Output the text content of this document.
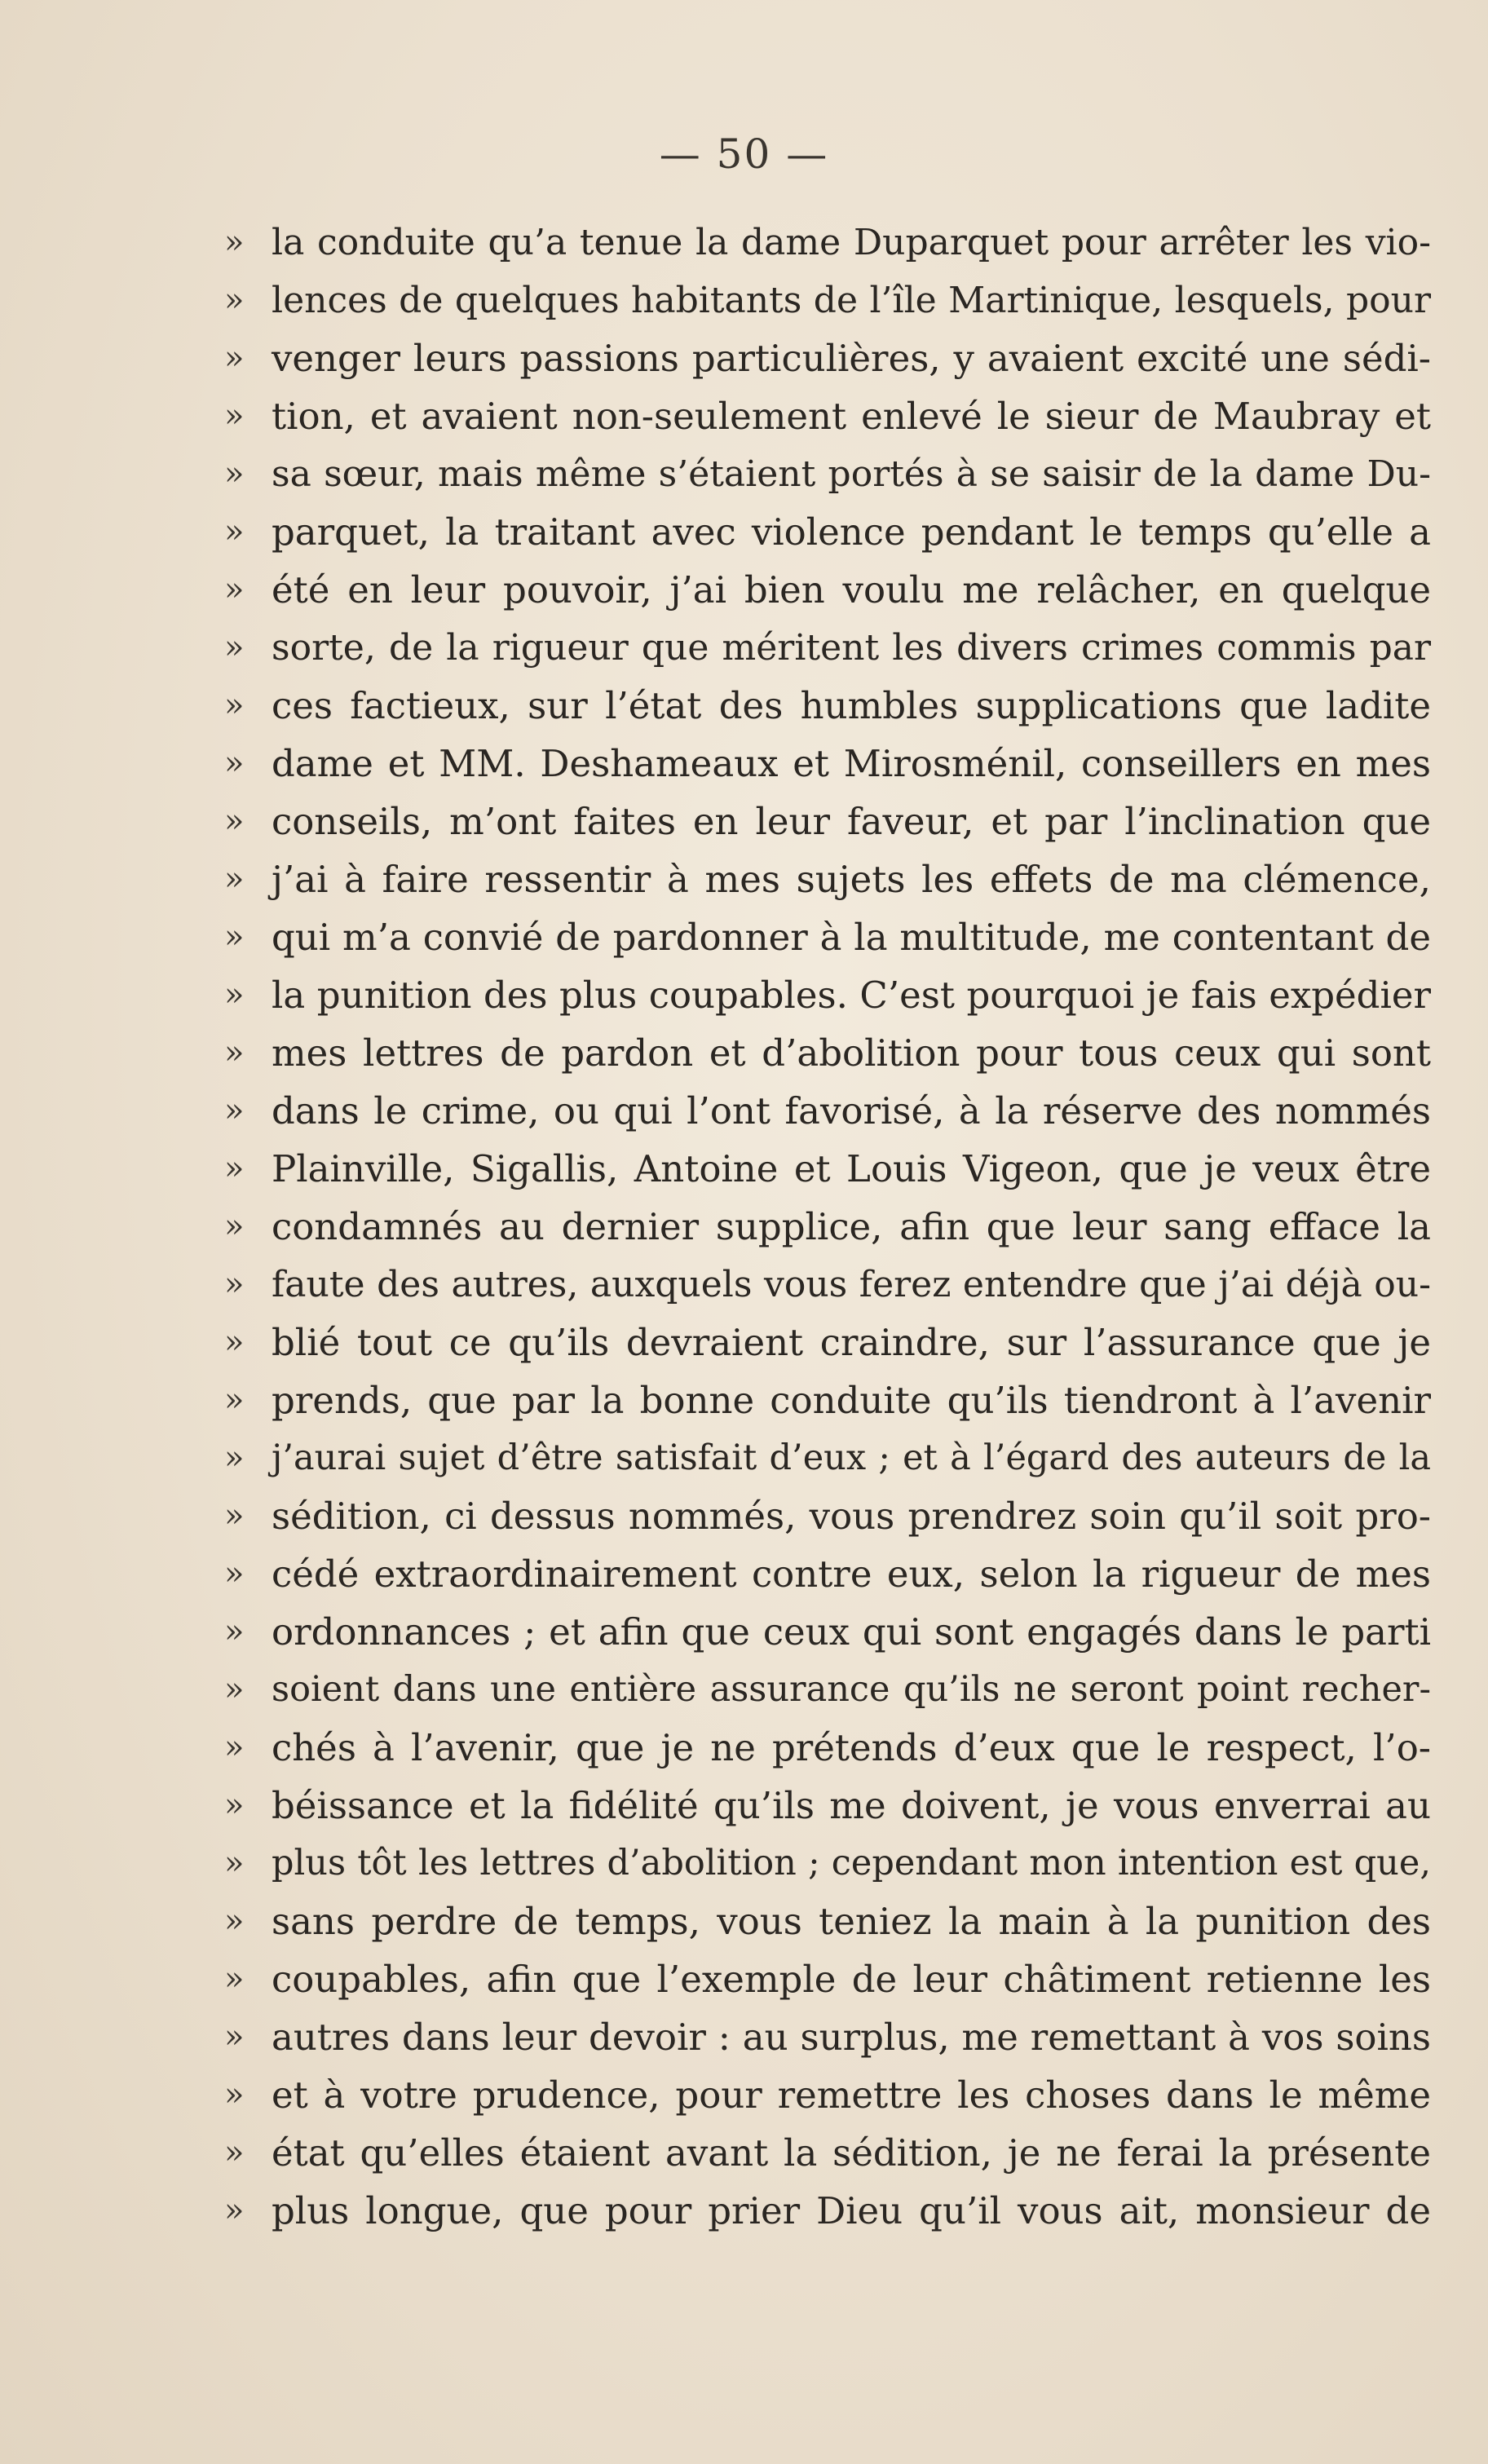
— 50 —
» la conduite qu’a tenue la dame Duparquet pour arrêter les vio-
» lences de quelques habitants de l’île Martinique, lesquels, pour
» venger leurs passions particulières, y avaient excité une sédi-
» tion, et avaient non-seulement enlevé le sieur de Maubray et
» sa sœur, mais même s’étaient portés à se saisir de la dame Du-
» parquet, la traitant avec violence pendant le temps qu’elle a
» été en leur pouvoir, j’ai bien voulu me relâcher, en quelque
» sorte, de la rigueur que méritent les divers crimes commis par
» ces factieux, sur l’état des humbles supplications que ladite
» dame et MM. Deshameaux et Mirosménil, conseillers en mes
» conseils, m’ont faites en leur faveur, et par l’inclination que
» j’ai à faire ressentir à mes sujets les effets de ma clémence,
» qui m’a convié de pardonner à la multitude, me contentant de
» la punition des plus coupables. C’est pourquoi je fais expédier
» mes lettres de pardon et d’abolition pour tous ceux qui sont
» dans le crime, ou qui l’ont favorisé, à la réserve des nommés
» Plainville, Sigallis, Antoine et Louis Vigeon, que je veux être
» condamnés au dernier supplice, afin que leur sang efface la
» faute des autres, auxquels vous ferez entendre que j’ai déjà ou-
» blié tout ce qu’ils devraient craindre, sur l’assurance que je
» prends, que par la bonne conduite qu’ils tiendront à l’avenir
» j’aurai sujet d’être satisfait d’eux ; et à l’égard des auteurs de la
» sédition, ci dessus nommés, vous prendrez soin qu’il soit pro-
» cédé extraordinairement contre eux, selon la rigueur de mes
» ordonnances ; et afin que ceux qui sont engagés dans le parti
» soient dans une entière assurance qu’ils ne seront point recher-
» chés à l’avenir, que je ne prétends d’eux que le respect, l’o-
» béissance et la fidélité qu’ils me doivent, je vous enverrai au
» plus tôt les lettres d’abolition ; cependant mon intention est que,
» sans perdre de temps, vous teniez la main à la punition des
» coupables, afin que l’exemple de leur châtiment retienne les
» autres dans leur devoir : au surplus, me remettant à vos soins
» et à votre prudence, pour remettre les choses dans le même
» état qu’elles étaient avant la sédition, je ne ferai la présente
» plus longue, que pour prier Dieu qu’il vous ait, monsieur de
